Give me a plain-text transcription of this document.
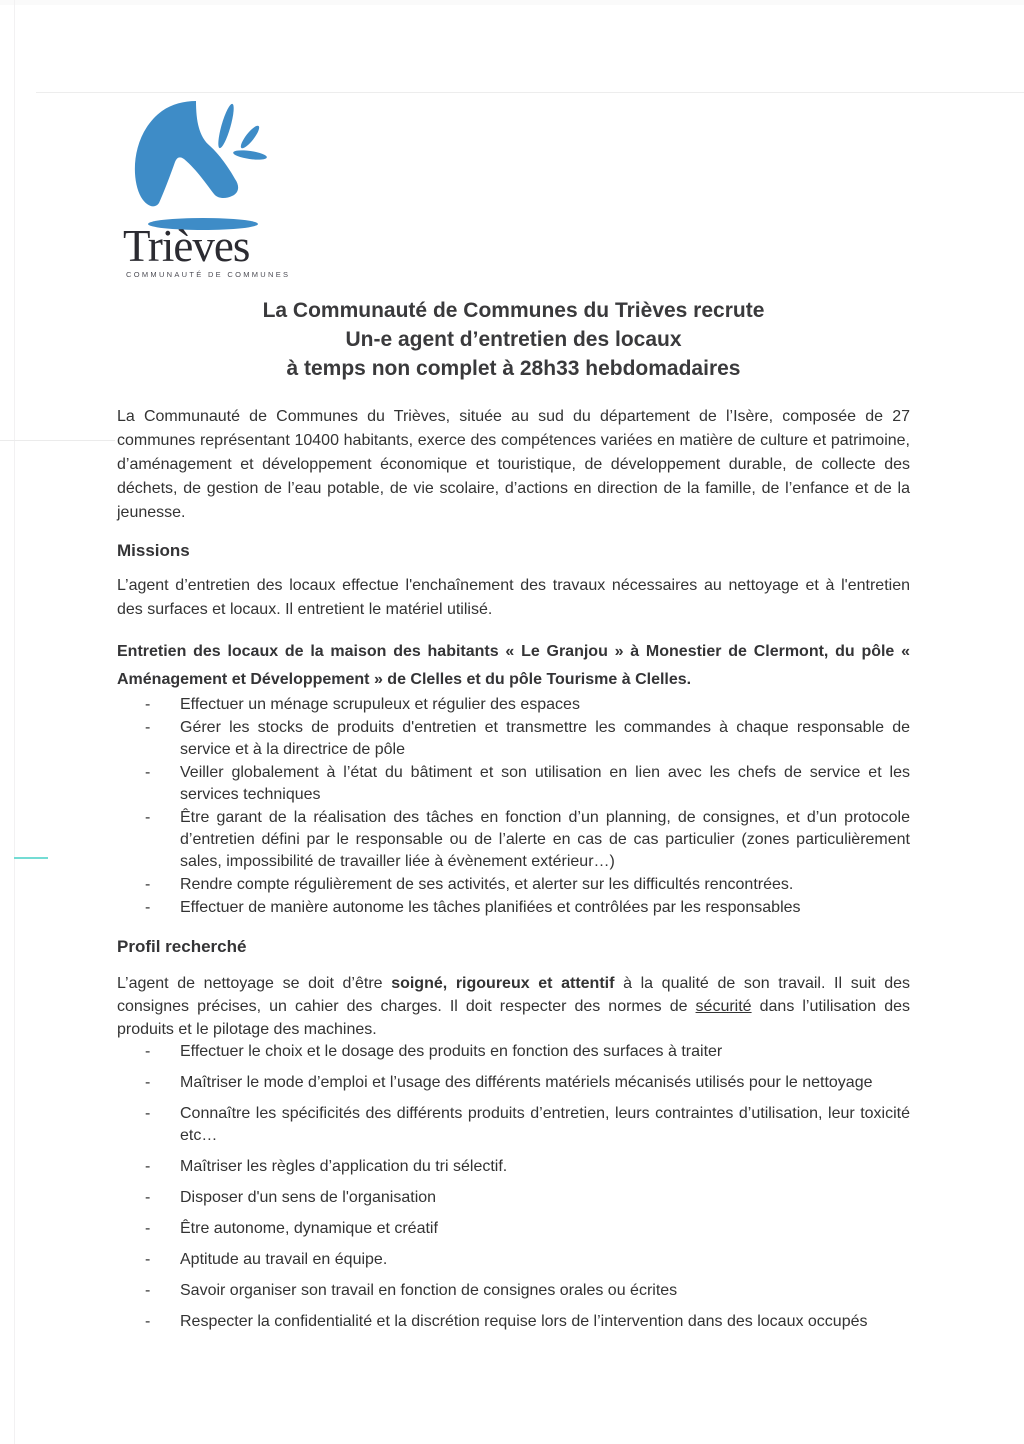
Trièves
COMMUNAUTÉ DE COMMUNES
La Communauté de Communes du Trièves recrute
Un-e agent d’entretien des locaux
à temps non complet à 28h33 hebdomadaires

La Communauté de Communes du Trièves, située au sud du département de l’Isère, composée de 27 communes représentant 10400 habitants, exerce des compétences variées en matière de culture et patrimoine, d’aménagement et développement économique et touristique, de développement durable, de collecte des déchets, de gestion de l’eau potable, de vie scolaire, d’actions en direction de la famille, de l’enfance et de la jeunesse.

Missions

L’agent d’entretien des locaux effectue l'enchaînement des travaux nécessaires au nettoyage et à l'entretien des surfaces et locaux. Il entretient le matériel utilisé.

Entretien des locaux de la maison des habitants « Le Granjou » à Monestier de Clermont, du pôle « Aménagement et Développement » de Clelles et du pôle Tourisme à Clelles.

-	Effectuer un ménage scrupuleux et régulier des espaces
-	Gérer les stocks de produits d'entretien et transmettre les commandes à chaque responsable de service et à la directrice de pôle
-	Veiller globalement à l’état du bâtiment et son utilisation en lien avec les chefs de service et les services techniques
-	Être garant de la réalisation des tâches en fonction d’un planning, de consignes, et d’un protocole d’entretien défini par le responsable ou de l’alerte en cas de cas particulier (zones particulièrement sales, impossibilité de travailler liée à évènement extérieur…)
-	Rendre compte régulièrement de ses activités, et alerter sur les difficultés rencontrées.
-	Effectuer de manière autonome les tâches planifiées et contrôlées par les responsables
Profil recherché

L’agent de nettoyage se doit d’être soigné, rigoureux et attentif à la qualité de son travail. Il suit des consignes précises, un cahier des charges. Il doit respecter des normes de sécurité dans l’utilisation des produits et le pilotage des machines.

-	Effectuer le choix et le dosage des produits en fonction des surfaces à traiter
-	Maîtriser le mode d’emploi et l’usage des différents matériels mécanisés utilisés pour le nettoyage
-	Connaître les spécificités des différents produits d’entretien, leurs contraintes d’utilisation, leur toxicité etc…
-	Maîtriser les règles d’application du tri sélectif.
-	Disposer d'un sens de l'organisation
-	Être autonome, dynamique et créatif
-	Aptitude au travail en équipe.
-	Savoir organiser son travail en fonction de consignes orales ou écrites
-	Respecter la confidentialité et la discrétion requise lors de l’intervention dans des locaux occupés
